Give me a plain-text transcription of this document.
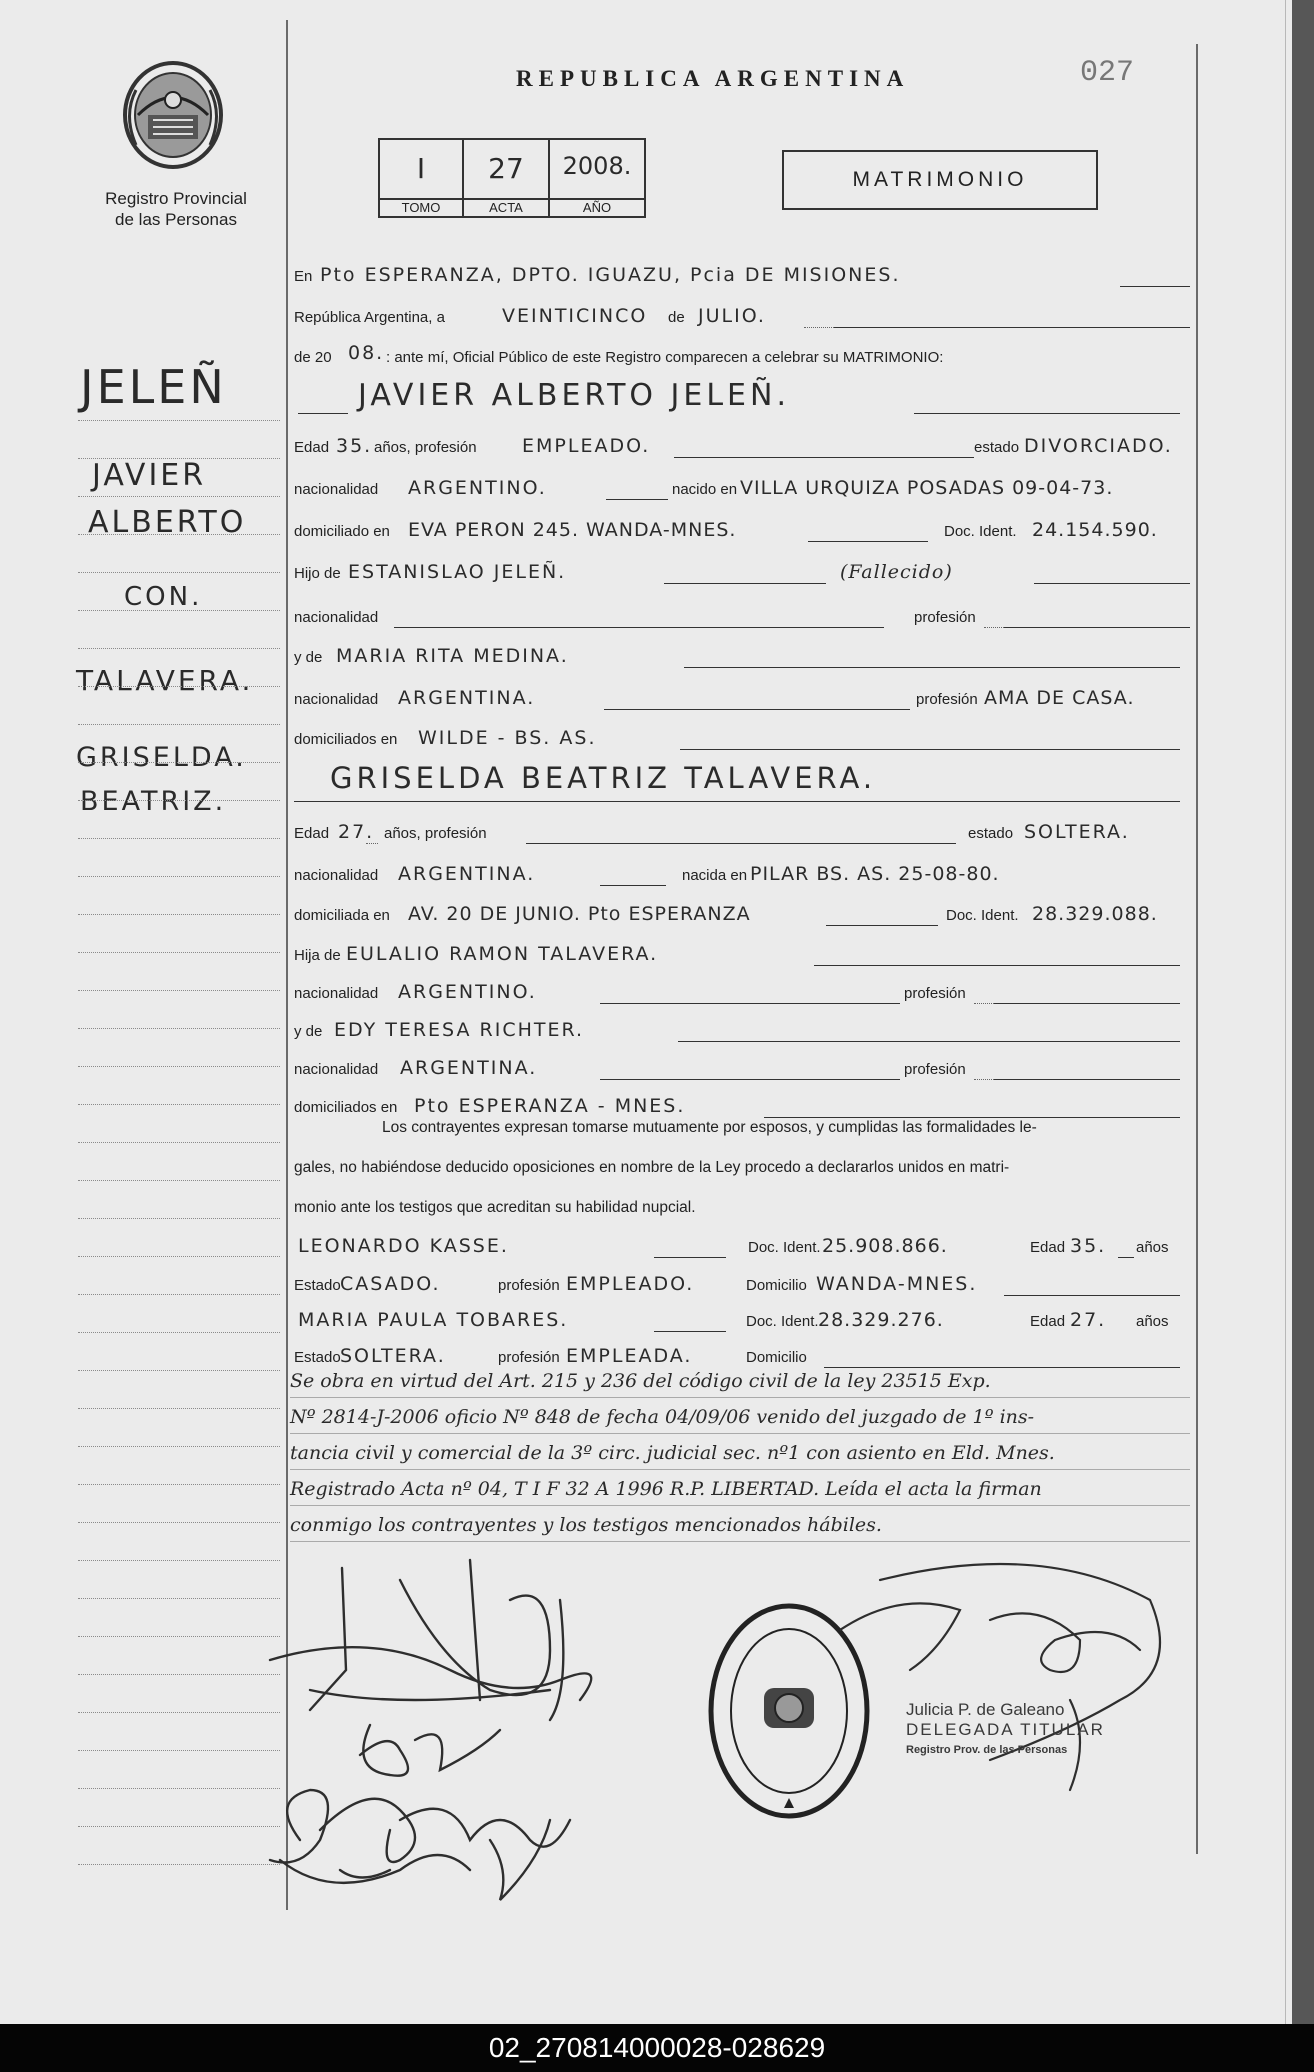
Registro Provincial
de las Personas
JELEÑ
JAVIER
ALBERTO
CON.
TALAVERA.
GRISELDA.
BEATRIZ.
REPUBLICA ARGENTINA	027
I
TOMO
27
ACTA
2008.
AÑO
MATRIMONIO
En Pto ESPERANZA, DPTO. IGUAZU, Pcia DE MISIONES.
República Argentina, a	VEINTICINCO de JULIO.
de 20 08. : ante mí, Oficial Público de este Registro comparecen a celebrar su MATRIMONIO:
JAVIER ALBERTO JELEÑ.
Edad 35. años, profesión EMPLEADO.	estado DIVORCIADO.
nacionalidad ARGENTINO.	nacido en VILLA URQUIZA POSADAS 09-04-73.
domiciliado en EVA PERON 245. WANDA-MNES.	Doc. Ident. 24.154.590.
Hijo de ESTANISLAO JELEÑ.	(Fallecido)
nacionalidad	profesión
y de MARIA RITA MEDINA.
nacionalidad ARGENTINA.	profesión AMA DE CASA.
domiciliados en WILDE - BS. AS.
GRISELDA BEATRIZ TALAVERA.
Edad 27. años, profesión	estado SOLTERA.
nacionalidad ARGENTINA.	nacida en PILAR BS. AS. 25-08-80.
domiciliada en AV. 20 DE JUNIO. Pto ESPERANZA	Doc. Ident. 28.329.088.
Hija de EULALIO RAMON TALAVERA.
nacionalidad ARGENTINO.	profesión
y de EDY TERESA RICHTER.
nacionalidad ARGENTINA.	profesión
domiciliados en Pto ESPERANZA - MNES.
Los contrayentes expresan tomarse mutuamente por esposos, y cumplidas las formalidades le-
gales, no habiéndose deducido oposiciones en nombre de la Ley procedo a declararlos unidos en matri-
monio ante los testigos que acreditan su habilidad nupcial.
LEONARDO KASSE.	Doc. Ident. 25.908.866.	Edad 35. años
Estado CASADO.	profesión EMPLEADO.	Domicilio WANDA-MNES.
MARIA PAULA TOBARES.	Doc. Ident. 28.329.276.	Edad 27. años
Estado SOLTERA.	profesión EMPLEADA.	Domicilio
Se obra en virtud del Art. 215 y 236 del código civil de la ley 23515 Exp.
Nº 2814-J-2006 oficio Nº 848 de fecha 04/09/06 venido del juzgado de 1º ins-
tancia civil y comercial de la 3º circ. judicial sec. nº1 con asiento en Eld. Mnes.
Registrado Acta nº 04, T I F 32 A 1996 R.P. LIBERTAD. Leída el acta la firman
conmigo los contrayentes y los testigos mencionados hábiles.
Julicia P. de Galeano
DELEGADA TITULAR
Registro Prov. de las Personas
02_270814000028-028629
